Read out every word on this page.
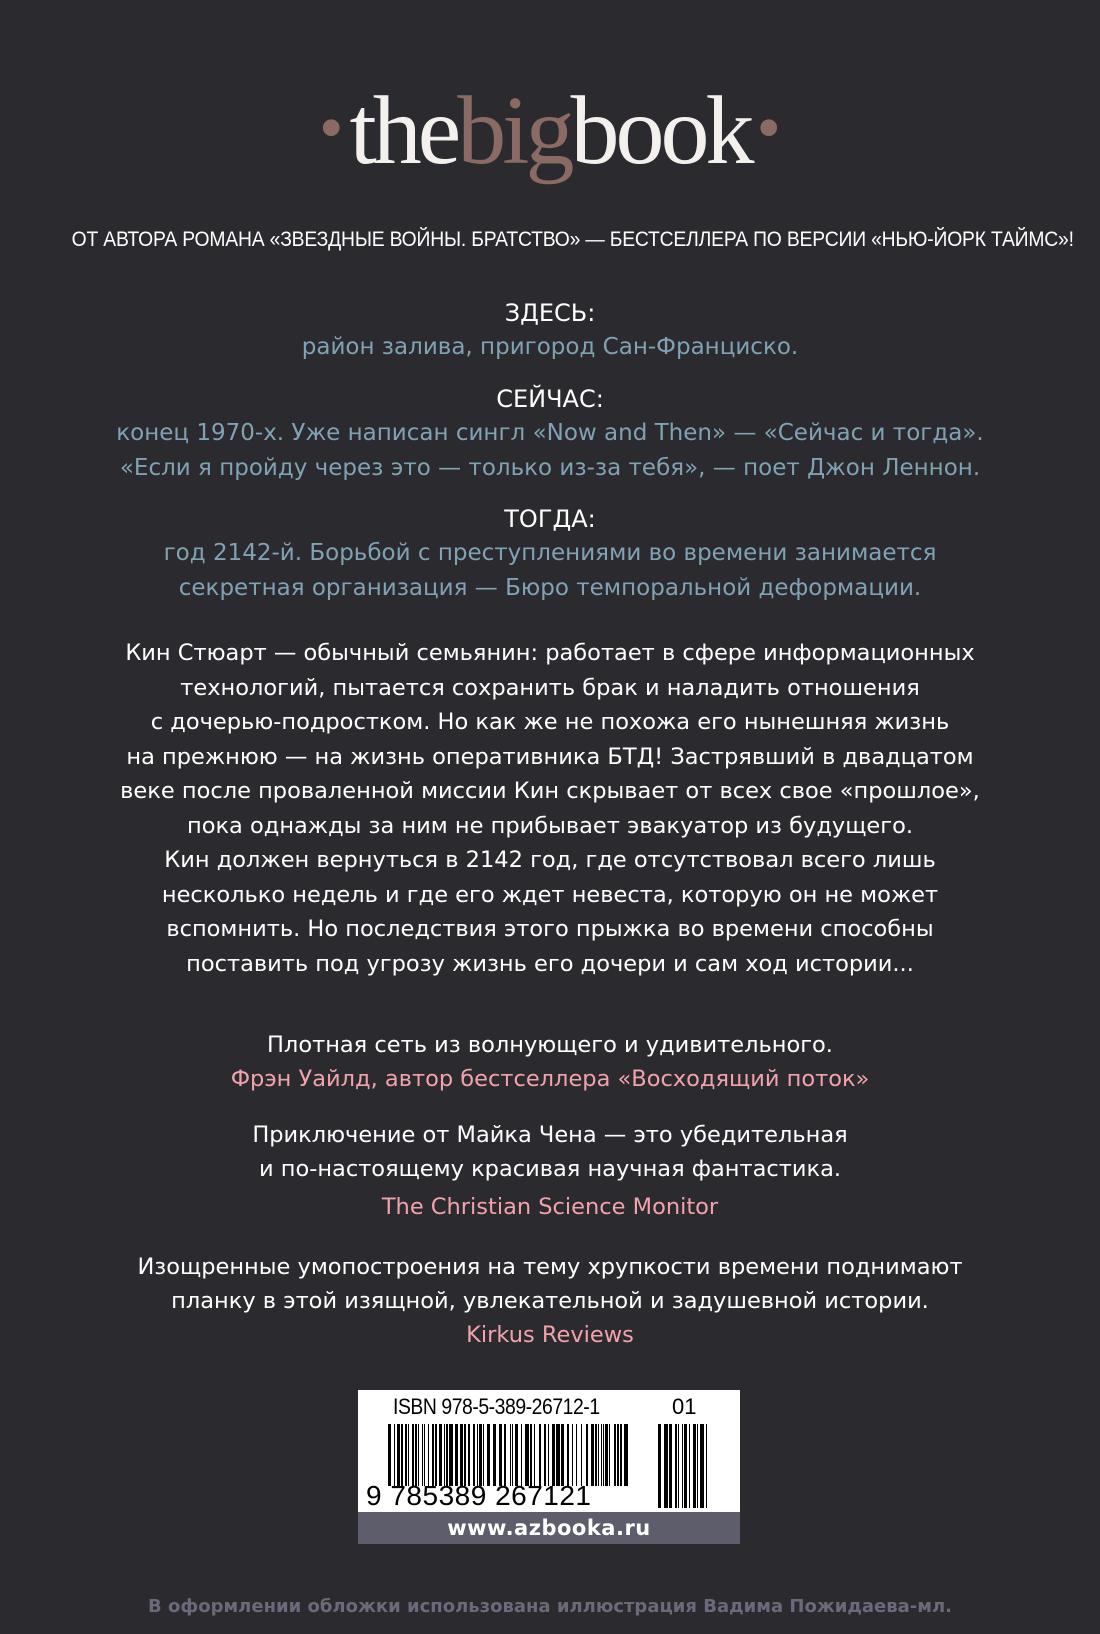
•thebigbook•
ОТ АВТОРА РОМАНА «ЗВЕЗДНЫЕ ВОЙНЫ. БРАТСТВО» — БЕСТСЕЛЛЕРА ПО ВЕРСИИ «НЬЮ-ЙОРК ТАЙМС»!
ЗДЕСЬ:
район залива, пригород Сан-Франциско.
СЕЙЧАС:
конец 1970-х. Уже написан сингл «Now and Then» — «Сейчас и тогда».
«Если я пройду через это — только из-за тебя», — поет Джон Леннон.
ТОГДА:
год 2142-й. Борьбой с преступлениями во времени занимается
секретная организация — Бюро темпоральной деформации.
Кин Стюарт — обычный семьянин: работает в сфере информационных
технологий, пытается сохранить брак и наладить отношения
с дочерью-подростком. Но как же не похожа его нынешняя жизнь
на прежнюю — на жизнь оперативника БТД! Застрявший в двадцатом
веке после проваленной миссии Кин скрывает от всех свое «прошлое»,
пока однажды за ним не прибывает эвакуатор из будущего.
Кин должен вернуться в 2142 год, где отсутствовал всего лишь
несколько недель и где его ждет невеста, которую он не может
вспомнить. Но последствия этого прыжка во времени способны
поставить под угрозу жизнь его дочери и сам ход истории...
Плотная сеть из волнующего и удивительного.
Фрэн Уайлд, автор бестселлера «Восходящий поток»
Приключение от Майка Чена — это убедительная
и по-настоящему красивая научная фантастика.
The Christian Science Monitor
Изощренные умопостроения на тему хрупкости времени поднимают
планку в этой изящной, увлекательной и задушевной истории.
Kirkus Reviews
ISBN 978-5-389-26712-1	01
9 785389 267121
www.azbooka.ru
В оформлении обложки использована иллюстрация Вадима Пожидаева-мл.
